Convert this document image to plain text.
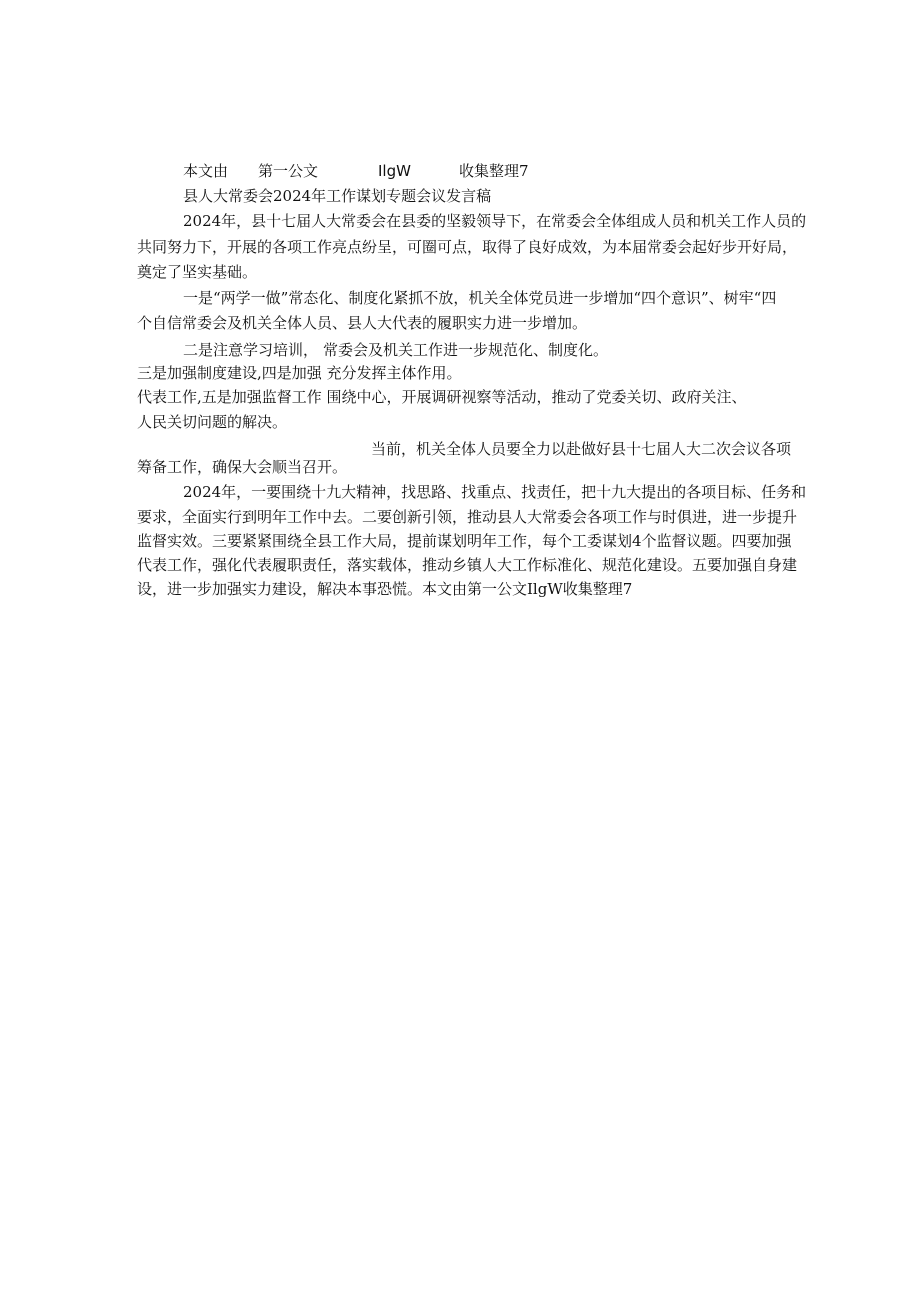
本文由 第一公文	IlgW	收集整理7
县人大常委会2024年工作谋划专题会议发言稿
2024年，县十七届人大常委会在县委的坚毅领导下，在常委会全体组成人员和机关工作人员的
共同努力下，开展的各项工作亮点纷呈，可圈可点，取得了良好成效，为本届常委会起好步开好局，
奠定了坚实基础。
一是“两学一做”常态化、制度化紧抓不放，机关全体党员进一步增加“四个意识”、树牢“四
个自信常委会及机关全体人员、县人大代表的履职实力进一步增加。
二是注意学习培训， 常委会及机关工作进一步规范化、制度化。
三是加强制度建设,四是加强 充分发挥主体作用。
代表工作,五是加强监督工作 围绕中心，开展调研视察等活动，推动了党委关切、政府关注、
人民关切问题的解决。
当前，机关全体人员要全力以赴做好县十七届人大二次会议各项
筹备工作，确保大会顺当召开。
2024年，一要围绕十九大精神，找思路、找重点、找责任，把十九大提出的各项目标、任务和
要求，全面实行到明年工作中去。二要创新引领，推动县人大常委会各项工作与时俱进，进一步提升
监督实效。三要紧紧围绕全县工作大局，提前谋划明年工作，每个工委谋划4个监督议题。四要加强
代表工作，强化代表履职责任，落实载体，推动乡镇人大工作标准化、规范化建设。五要加强自身建
设，进一步加强实力建设，解决本事恐慌。本文由第一公文IlgW收集整理7
